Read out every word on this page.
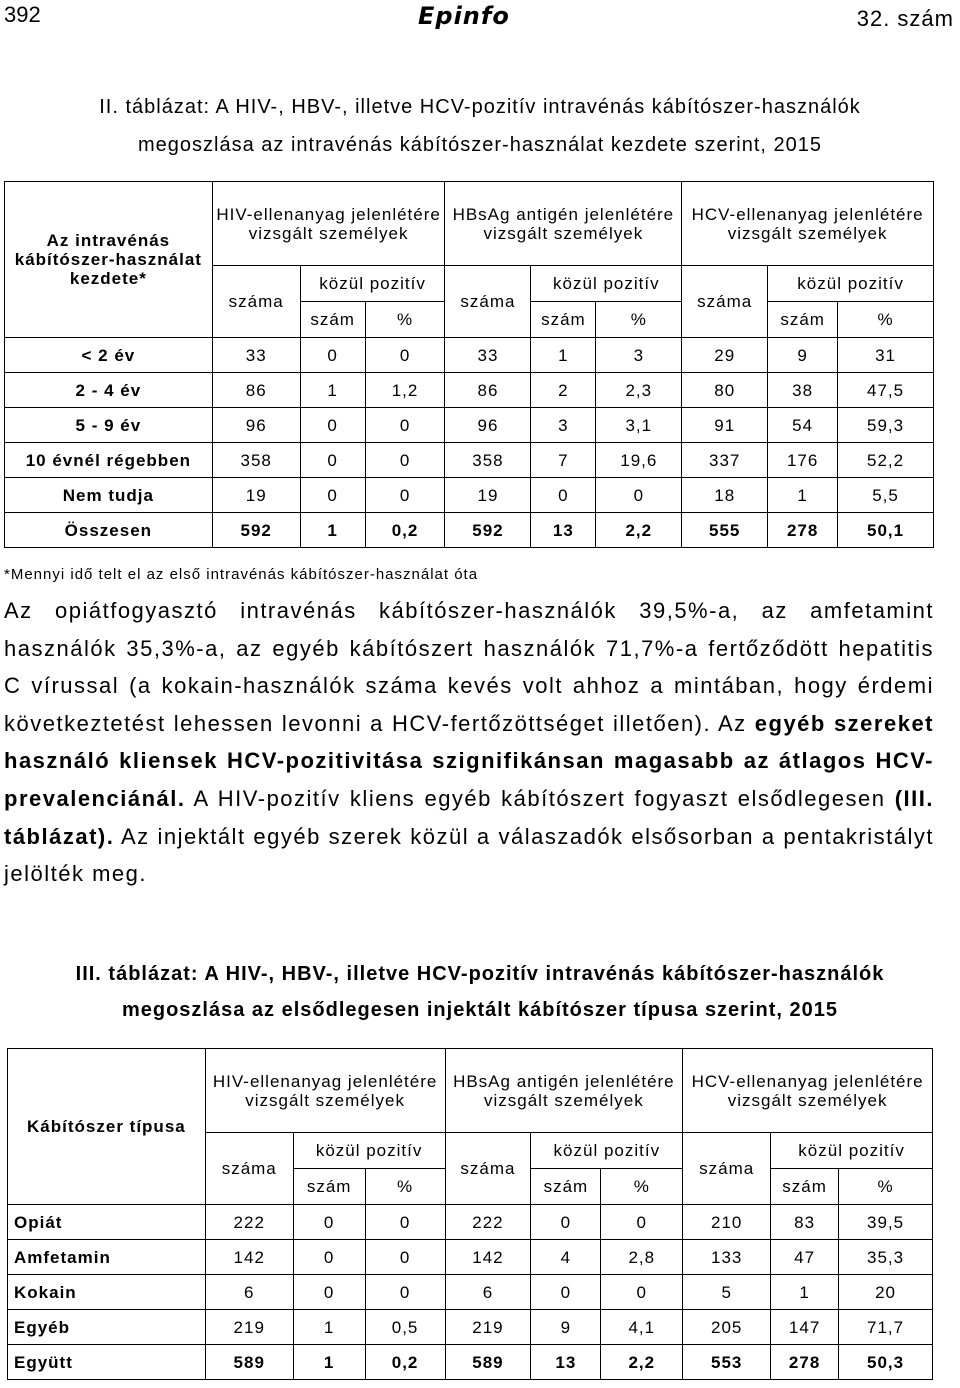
392	Epinfo	32. szám
II. táblázat: A HIV-, HBV-, illetve HCV-pozitív intravénás kábítószer-használók
megoszlása az intravénás kábítószer-használat kezdete szerint, 2015
Az intravénás kábítószer-használat kezdete*	HIV-ellenanyag jelenlétére vizsgált személyek			HBsAg antigén jelenlétére vizsgált személyek			HCV-ellenanyag jelenlétére vizsgált személyek		
	száma	közül pozitív		száma	közül pozitív		száma	közül pozitív	
		szám	%		szám	%		szám	%
< 2 év	33	0	0	33	1	3	29	9	31
2 - 4 év	86	1	1,2	86	2	2,3	80	38	47,5
5 - 9 év	96	0	0	96	3	3,1	91	54	59,3
10 évnél régebben	358	0	0	358	7	19,6	337	176	52,2
Nem tudja	19	0	0	19	0	0	18	1	5,5
Összesen	592	1	0,2	592	13	2,2	555	278	50,1
*Mennyi idő telt el az első intravénás kábítószer-használat óta
Az opiátfogyasztó intravénás kábítószer-használók 39,5%-a, az amfetamint használók 35,3%-a, az egyéb kábítószert használók 71,7%-a fertőződött hepatitis C vírussal (a kokain-használók száma kevés volt ahhoz a mintában, hogy érdemi következtetést lehessen levonni a HCV-fertőzöttséget illetően). Az egyéb szereket használó kliensek HCV-pozitivitása szignifikánsan magasabb az átlagos HCV-prevalenciánál. A HIV-pozitív kliens egyéb kábítószert fogyaszt elsődlegesen (III. táblázat). Az injektált egyéb szerek közül a válaszadók elsősorban a pentakristályt jelölték meg.
III. táblázat: A HIV-, HBV-, illetve HCV-pozitív intravénás kábítószer-használók
megoszlása az elsődlegesen injektált kábítószer típusa szerint, 2015
Kábítószer típusa	HIV-ellenanyag jelenlétére vizsgált személyek			HBsAg antigén jelenlétére vizsgált személyek			HCV-ellenanyag jelenlétére vizsgált személyek		
	száma	közül pozitív		száma	közül pozitív		száma	közül pozitív	
		szám	%		szám	%		szám	%
Opiát	222	0	0	222	0	0	210	83	39,5
Amfetamin	142	0	0	142	4	2,8	133	47	35,3
Kokain	6	0	0	6	0	0	5	1	20
Egyéb	219	1	0,5	219	9	4,1	205	147	71,7
Együtt	589	1	0,2	589	13	2,2	553	278	50,3
